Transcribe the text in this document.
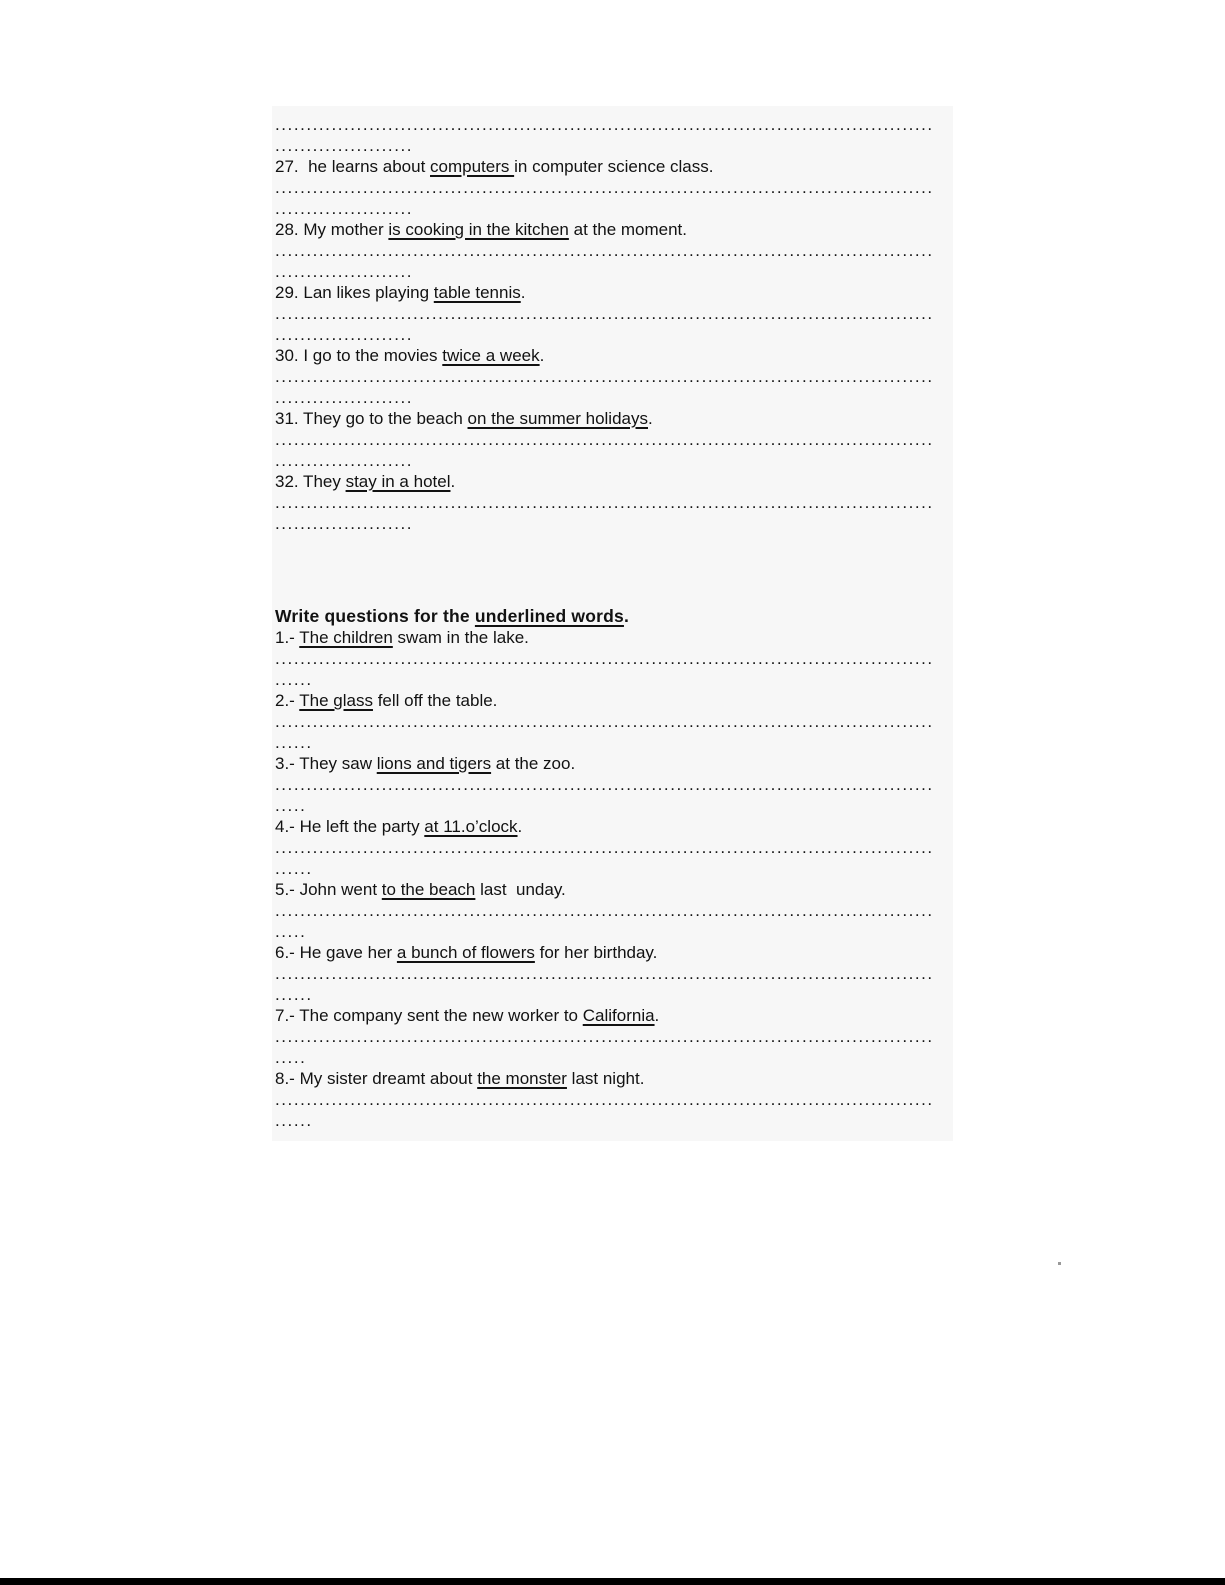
.........................................................................................................
......................
27.  he learns about computers in computer science class.
.........................................................................................................
......................
28. My mother is cooking in the kitchen at the moment.
.........................................................................................................
......................
29. Lan likes playing table tennis.
.........................................................................................................
......................
30. I go to the movies twice a week.
.........................................................................................................
......................
31. They go to the beach on the summer holidays.
.........................................................................................................
......................
32. They stay in a hotel.
.........................................................................................................
......................
Write questions for the underlined words.
1.- The children swam in the lake.
.........................................................................................................
......
2.- The glass fell off the table.
.........................................................................................................
......
3.- They saw lions and tigers at the zoo.
.........................................................................................................
.....
4.- He left the party at 11.o’clock.
.........................................................................................................
......
5.- John went to the beach last  unday.
.........................................................................................................
.....
6.- He gave her a bunch of flowers for her birthday.
.........................................................................................................
......
7.- The company sent the new worker to California.
.........................................................................................................
.....
8.- My sister dreamt about the monster last night.
.........................................................................................................
......
